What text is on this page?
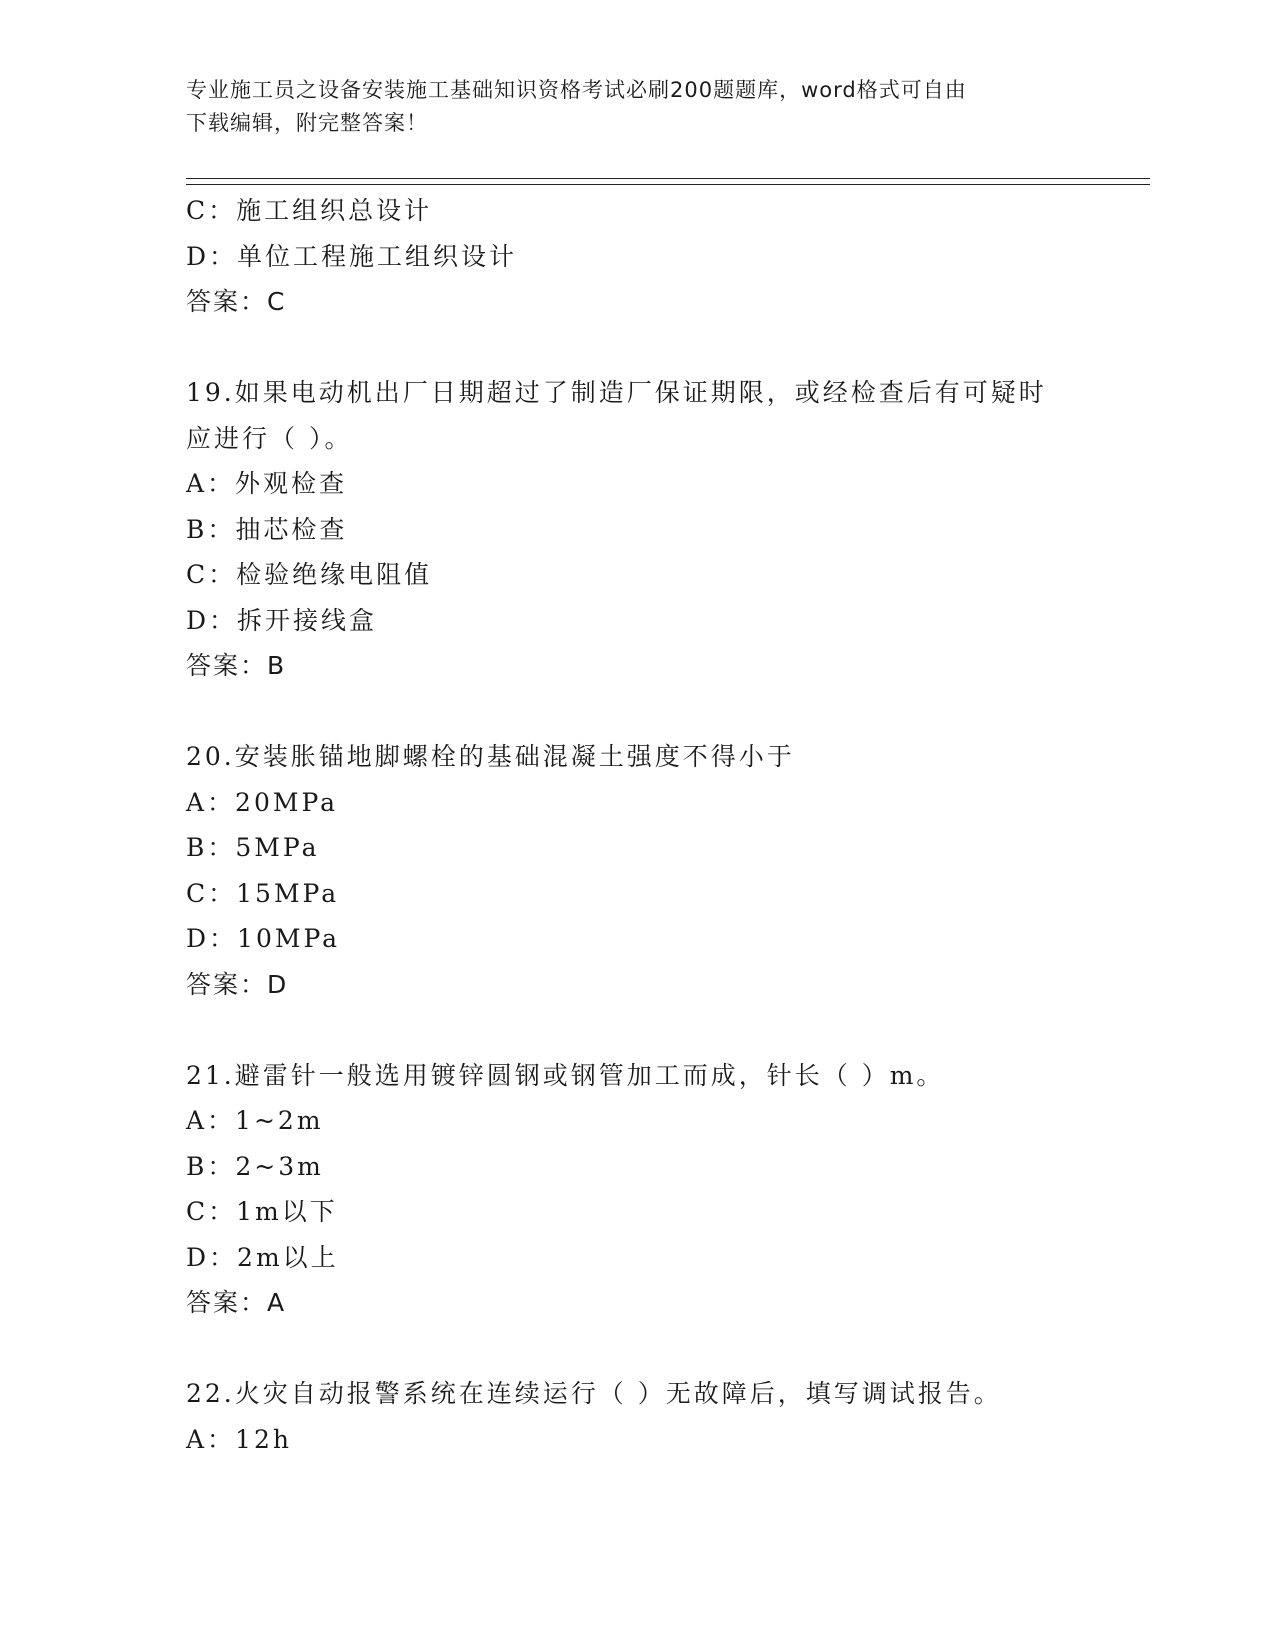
专业施工员之设备安装施工基础知识资格考试必刷200题题库，word格式可自由
下载编辑，附完整答案！
C：施工组织总设计
D：单位工程施工组织设计
答案：C
19.如果电动机出厂日期超过了制造厂保证期限，或经检查后有可疑时
应进行（ ）。
A：外观检查
B：抽芯检查
C：检验绝缘电阻值
D：拆开接线盒
答案：B
20.安装胀锚地脚螺栓的基础混凝土强度不得小于
A：20MPa
B：5MPa
C：15MPa
D：10MPa
答案：D
21.避雷针一般选用镀锌圆钢或钢管加工而成，针长（ ）m。
A：1~2m
B：2~3m
C：1m以下
D：2m以上
答案：A
22.火灾自动报警系统在连续运行（ ）无故障后，填写调试报告。
A：12h
